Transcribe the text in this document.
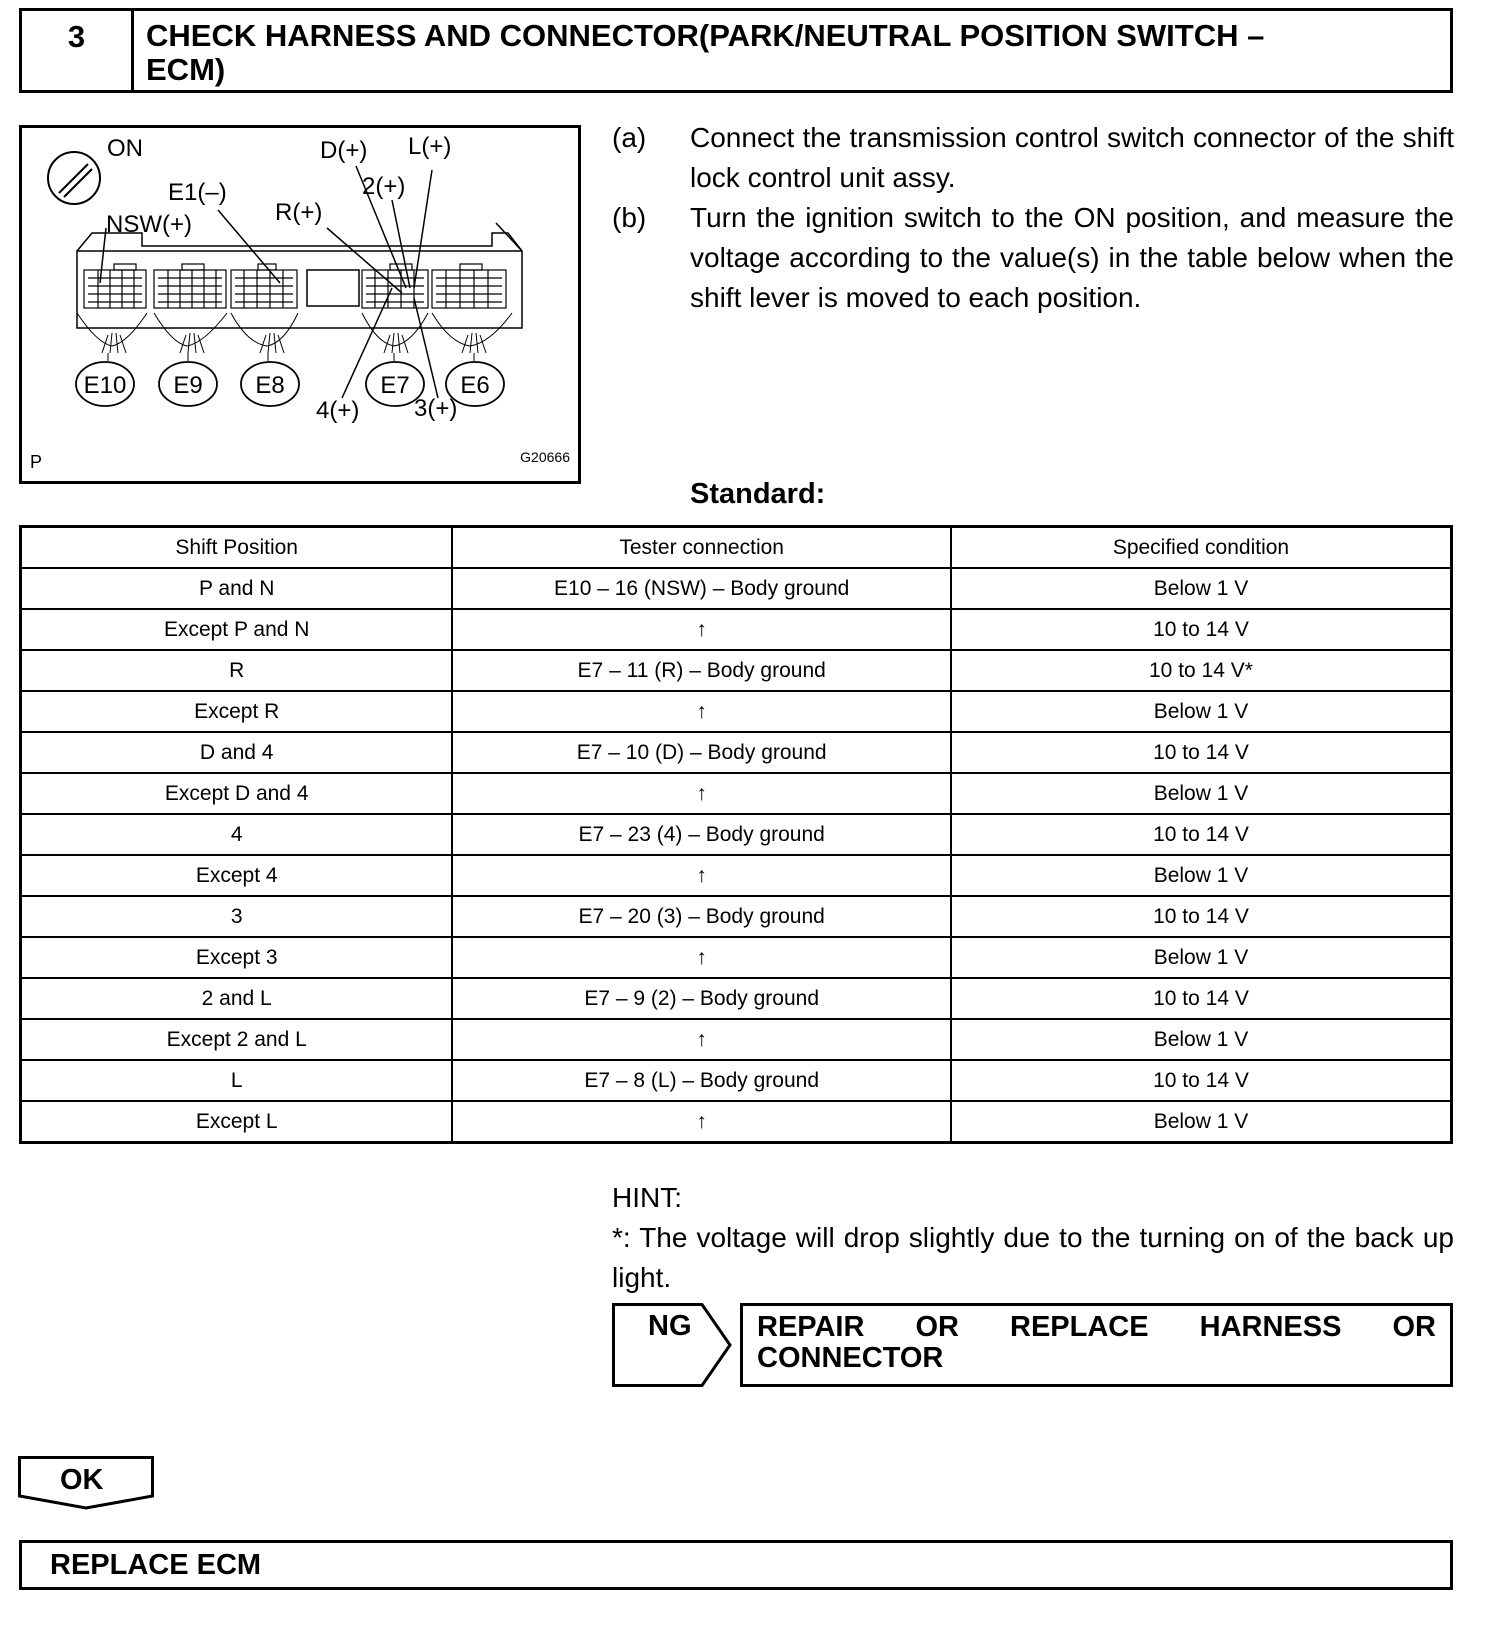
3	CHECK HARNESS AND CONNECTOR(PARK/NEUTRAL POSITION SWITCH –
ECM)
ON
E1(–)
NSW(+)	R(+)
D(+) L(+)
2(+)
4(+) 3(+)
E10 E9 E8	E7 E6
P	G20666
(a)	Connect the transmission control switch connector of the shift lock control unit assy.
(b)	Turn the ignition switch to the ON position, and measure the voltage according to the value(s) in the table below when the shift lever is moved to each position.
Standard:
Shift Position	Tester connection	Specified condition
P and N	E10 – 16 (NSW) – Body ground	Below 1 V
Except P and N	↑	10 to 14 V
R	E7 – 11 (R) – Body ground	10 to 14 V*
Except R	↑	Below 1 V
D and 4	E7 – 10 (D) – Body ground	10 to 14 V
Except D and 4	↑	Below 1 V
4	E7 – 23 (4) – Body ground	10 to 14 V
Except 4	↑	Below 1 V
3	E7 – 20 (3) – Body ground	10 to 14 V
Except 3	↑	Below 1 V
2 and L	E7 – 9 (2) – Body ground	10 to 14 V
Except 2 and L	↑	Below 1 V
L	E7 – 8 (L) – Body ground	10 to 14 V
Except L	↑	Below 1 V
HINT:
*: The voltage will drop slightly due to the turning on of the back up light.
NG REPAIR OR REPLACE HARNESS OR
CONNECTOR
OK
REPLACE ECM
